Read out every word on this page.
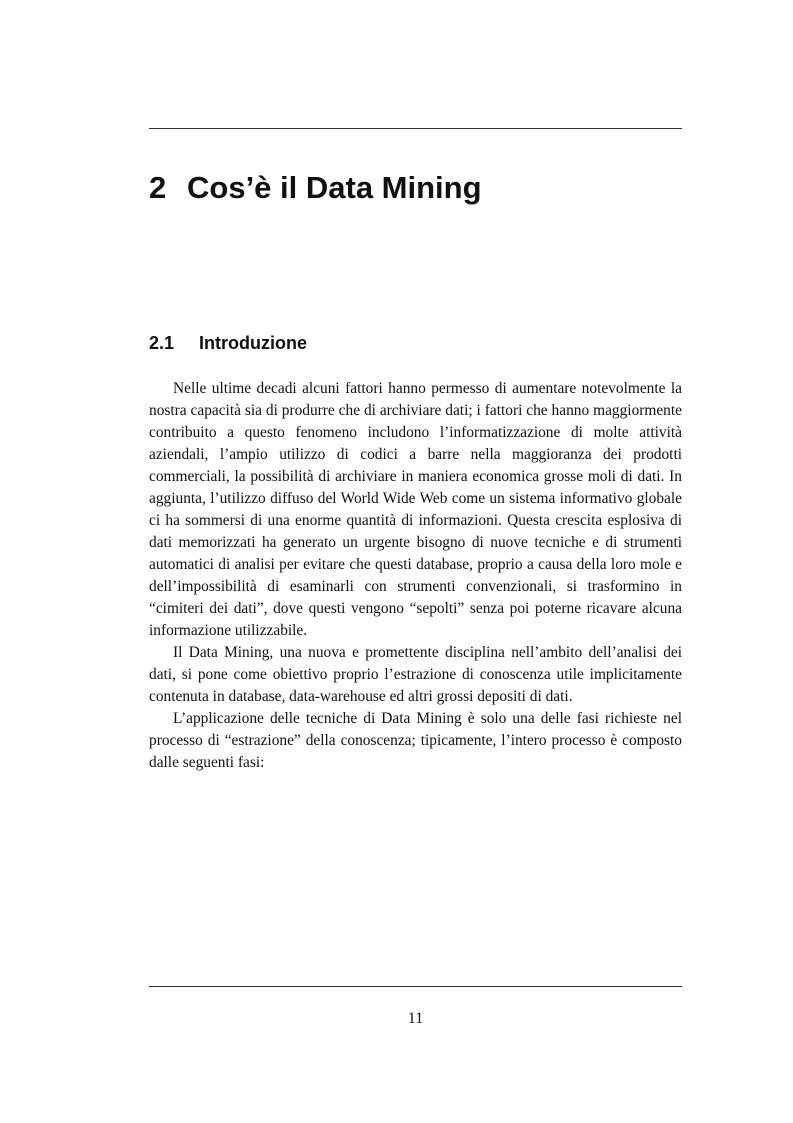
2 Cos’è il Data Mining
2.1 Introduzione

Nelle ultime decadi alcuni fattori hanno permesso di aumentare notevolmente la nostra capacità sia di produrre che di archiviare dati; i fattori che hanno maggiormente contribuito a questo fenomeno includono l’informatizzazione di molte attività aziendali, l’ampio utilizzo di codici a barre nella maggioranza dei prodotti commerciali, la possibilità di archiviare in maniera economica grosse moli di dati. In aggiunta, l’utilizzo diffuso del World Wide Web come un sistema informativo globale ci ha sommersi di una enorme quantità di informazioni. Questa crescita esplosiva di dati memorizzati ha generato un urgente bisogno di nuove tecniche e di strumenti automatici di analisi per evitare che questi database, proprio a causa della loro mole e dell’impossibilità di esaminarli con strumenti convenzionali, si trasformino in “cimiteri dei dati”, dove questi vengono “sepolti” senza poi poterne ricavare alcuna informazione utilizzabile.

Il Data Mining, una nuova e promettente disciplina nell’ambito dell’analisi dei dati, si pone come obiettivo proprio l’estrazione di conoscenza utile implicitamente contenuta in database, data-warehouse ed altri grossi depositi di dati.

L’applicazione delle tecniche di Data Mining è solo una delle fasi richieste nel processo di “estrazione” della conoscenza; tipicamente, l’intero processo è composto dalle seguenti fasi:

11
